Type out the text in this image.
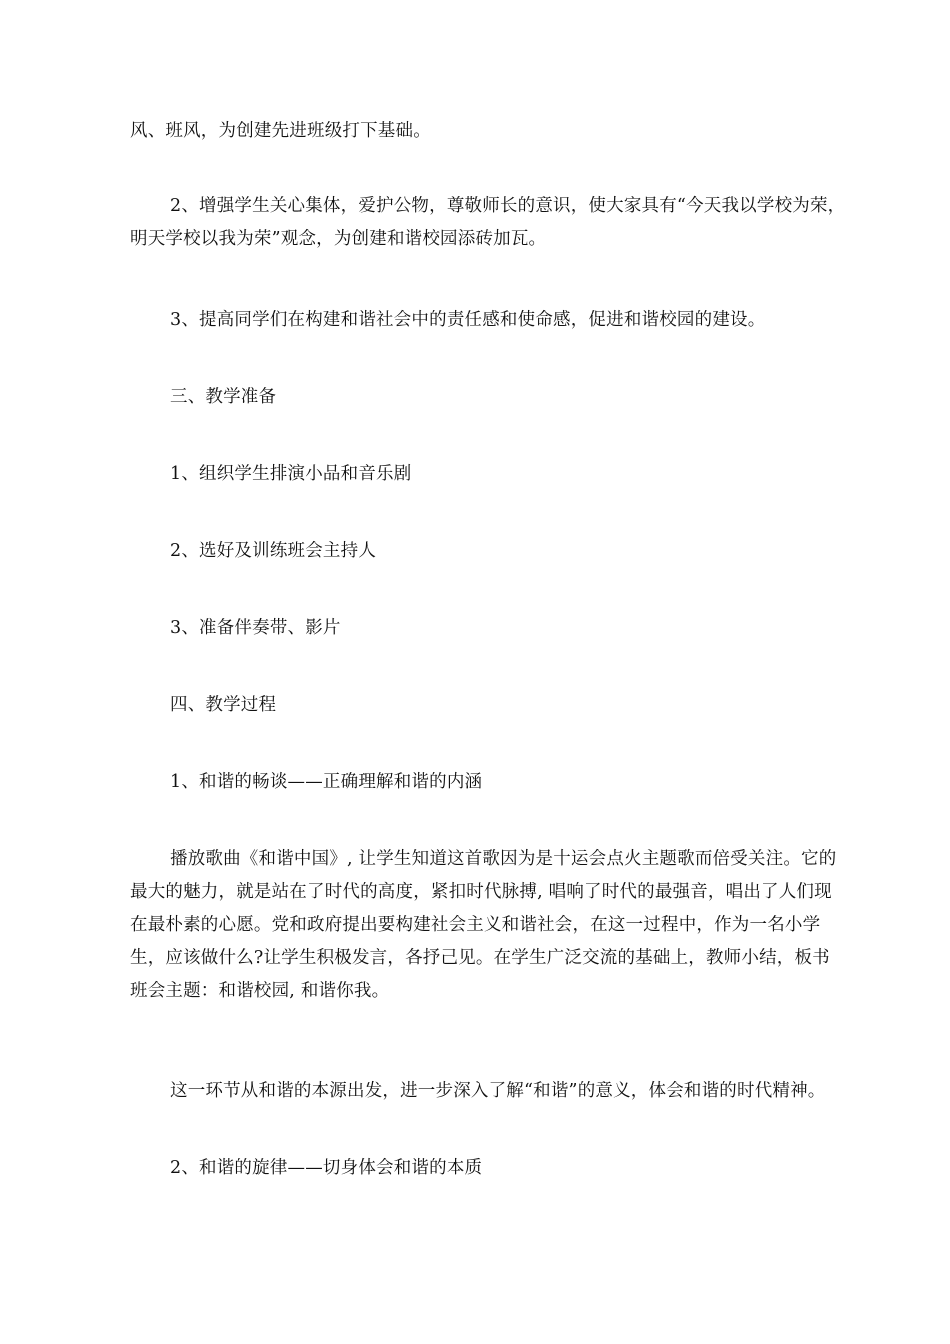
风、班风，为创建先进班级打下基础。

2、增强学生关心集体，爱护公物，尊敬师长的意识，使大家具有“今天我以学校为荣，
明天学校以我为荣”观念，为创建和谐校园添砖加瓦。

3、提高同学们在构建和谐社会中的责任感和使命感，促进和谐校园的建设。

三、教学准备

1、组织学生排演小品和音乐剧

2、选好及训练班会主持人

3、准备伴奏带、影片

四、教学过程

1、和谐的畅谈——正确理解和谐的内涵

播放歌曲《和谐中国》, 让学生知道这首歌因为是十运会点火主题歌而倍受关注。它的
最大的魅力，就是站在了时代的高度，紧扣时代脉搏, 唱响了时代的最强音，唱出了人们现
在最朴素的心愿。党和政府提出要构建社会主义和谐社会，在这一过程中，作为一名小学
生，应该做什么?让学生积极发言，各抒己见。在学生广泛交流的基础上，教师小结，板书
班会主题：和谐校园, 和谐你我。

这一环节从和谐的本源出发，进一步深入了解“和谐”的意义，体会和谐的时代精神。

2、和谐的旋律——切身体会和谐的本质
